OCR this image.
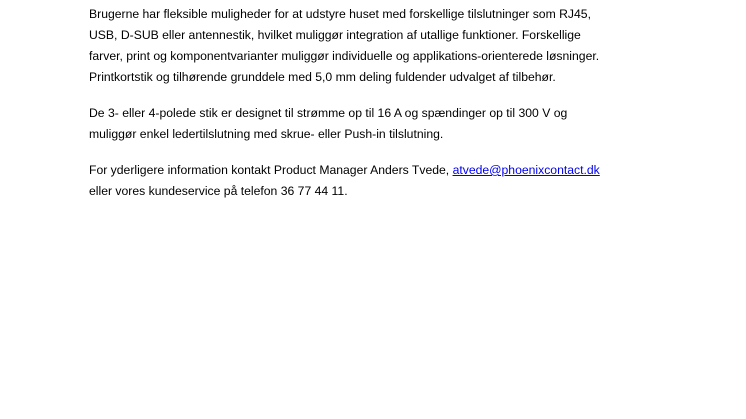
Brugerne har fleksible muligheder for at udstyre huset med forskellige tilslutninger som RJ45,
USB, D-SUB eller antennestik, hvilket muliggør integration af utallige funktioner. Forskellige
farver, print og komponentvarianter muliggør individuelle og applikations-orienterede løsninger.
Printkortstik og tilhørende grunddele med 5,0 mm deling fuldender udvalget af tilbehør.

De 3- eller 4-polede stik er designet til strømme op til 16 A og spændinger op til 300 V og
muliggør enkel ledertilslutning med skrue- eller Push-in tilslutning.

For yderligere information kontakt Product Manager Anders Tvede, atvede@phoenixcontact.dk
eller vores kundeservice på telefon 36 77 44 11.
